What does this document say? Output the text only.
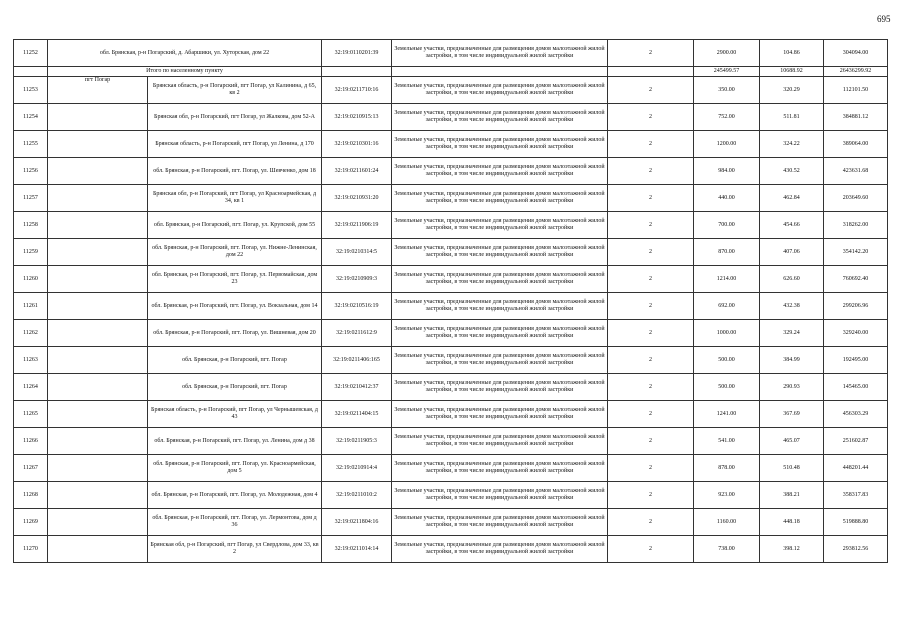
695
11252	обл. Брянская, р-н Погарский, д. Абаршики, ул. Хуторская, дом 22		32:19:0110201:39	Земельные участки, предназначенные для размещения домов малоэтажной жилой застройки, в том числе индивидуальной жилой застройки	2	2900.00	104.86	304094.00
	Итого по населенному пункту					245499.57	10688.92	26436299.92
11253	пгт Погар	Брянская область, р-н Погарский, пгт Погар, ул Калинина, д 65, кв 2	32:19:0211710:16	Земельные участки, предназначенные для размещения домов малоэтажной жилой застройки, в том числе индивидуальной жилой застройки	2	350.00	320.29	112101.50
11254		Брянская обл, р-н Погарский, пгт Погар, ул Жалкова, дом 52-А	32:19:0210915:13	Земельные участки, предназначенные для размещения домов малоэтажной жилой застройки, в том числе индивидуальной жилой застройки	2	752.00	511.81	384881.12
11255		Брянская область, р-н Погарский, пгт Погар, ул Ленина, д 170	32:19:0210301:16	Земельные участки, предназначенные для размещения домов малоэтажной жилой застройки, в том числе индивидуальной жилой застройки	2	1200.00	324.22	389064.00
11256		обл. Брянская, р-н Погарский, пгт. Погар, ул. Шевченко, дом 18	32:19:0211601:24	Земельные участки, предназначенные для размещения домов малоэтажной жилой застройки, в том числе индивидуальной жилой застройки	2	984.00	430.52	423631.68
11257		Брянская обл, р-н Погарский, пгт Погар, ул Красноармейская, д 34, кв 1	32:19:0210931:20	Земельные участки, предназначенные для размещения домов малоэтажной жилой застройки, в том числе индивидуальной жилой застройки	2	440.00	462.84	203649.60
11258		обл. Брянская, р-н Погарский, пгт. Погар, ул. Крупской, дом 55	32:19:0211906:19	Земельные участки, предназначенные для размещения домов малоэтажной жилой застройки, в том числе индивидуальной жилой застройки	2	700.00	454.66	318262.00
11259		обл. Брянская, р-н Погарский, пгт. Погар, ул. Нижне-Ленинская, дом 22	32:19:0210314:5	Земельные участки, предназначенные для размещения домов малоэтажной жилой застройки, в том числе индивидуальной жилой застройки	2	870.00	407.06	354142.20
11260		обл. Брянская, р-н Погарский, пгт. Погар, ул. Первомайская, дом 23	32:19:0210909:3	Земельные участки, предназначенные для размещения домов малоэтажной жилой застройки, в том числе индивидуальной жилой застройки	2	1214.00	626.60	760692.40
11261		обл. Брянская, р-н Погарский, пгт. Погар, ул. Вокзальная, дом 14	32:19:0210516:19	Земельные участки, предназначенные для размещения домов малоэтажной жилой застройки, в том числе индивидуальной жилой застройки	2	692.00	432.38	299206.96
11262		обл. Брянская, р-н Погарский, пгт. Погар, ул. Вишневая, дом 20	32:19:0211612:9	Земельные участки, предназначенные для размещения домов малоэтажной жилой застройки, в том числе индивидуальной жилой застройки	2	1000.00	329.24	329240.00
11263		обл. Брянская, р-н Погарский, пгт. Погар	32:19:0211406:165	Земельные участки, предназначенные для размещения домов малоэтажной жилой застройки, в том числе индивидуальной жилой застройки	2	500.00	384.99	192495.00
11264		обл. Брянская, р-н Погарский, пгт. Погар	32:19:0210412:37	Земельные участки, предназначенные для размещения домов малоэтажной жилой застройки, в том числе индивидуальной жилой застройки	2	500.00	290.93	145465.00
11265		Брянская область, р-н Погарский, пгт Погар, ул Чернышевская, д 43	32:19:0211404:15	Земельные участки, предназначенные для размещения домов малоэтажной жилой застройки, в том числе индивидуальной жилой застройки	2	1241.00	367.69	456303.29
11266		обл. Брянская, р-н Погарский, пгт. Погар, ул. Ленина, дом д 38	32:19:0211905:3	Земельные участки, предназначенные для размещения домов малоэтажной жилой застройки, в том числе индивидуальной жилой застройки	2	541.00	465.07	251602.87
11267		обл. Брянская, р-н Погарский, пгт. Погар, ул. Красноармейская, дом 5	32:19:0210914:4	Земельные участки, предназначенные для размещения домов малоэтажной жилой застройки, в том числе индивидуальной жилой застройки	2	878.00	510.48	448201.44
11268		обл. Брянская, р-н Погарский, пгт. Погар, ул. Молодежная, дом 4	32:19:0211010:2	Земельные участки, предназначенные для размещения домов малоэтажной жилой застройки, в том числе индивидуальной жилой застройки	2	923.00	388.21	358317.83
11269		обл. Брянская, р-н Погарский, пгт. Погар, ул. Лермонтова, дом д 36	32:19:0211804:16	Земельные участки, предназначенные для размещения домов малоэтажной жилой застройки, в том числе индивидуальной жилой застройки	2	1160.00	448.18	519888.80
11270		Брянская обл, р-н Погарский, пгт Погар, ул Свердлова, дом 33, кв 2	32:19:0211014:14	Земельные участки, предназначенные для размещения домов малоэтажной жилой застройки, в том числе индивидуальной жилой застройки	2	738.00	398.12	293812.56
